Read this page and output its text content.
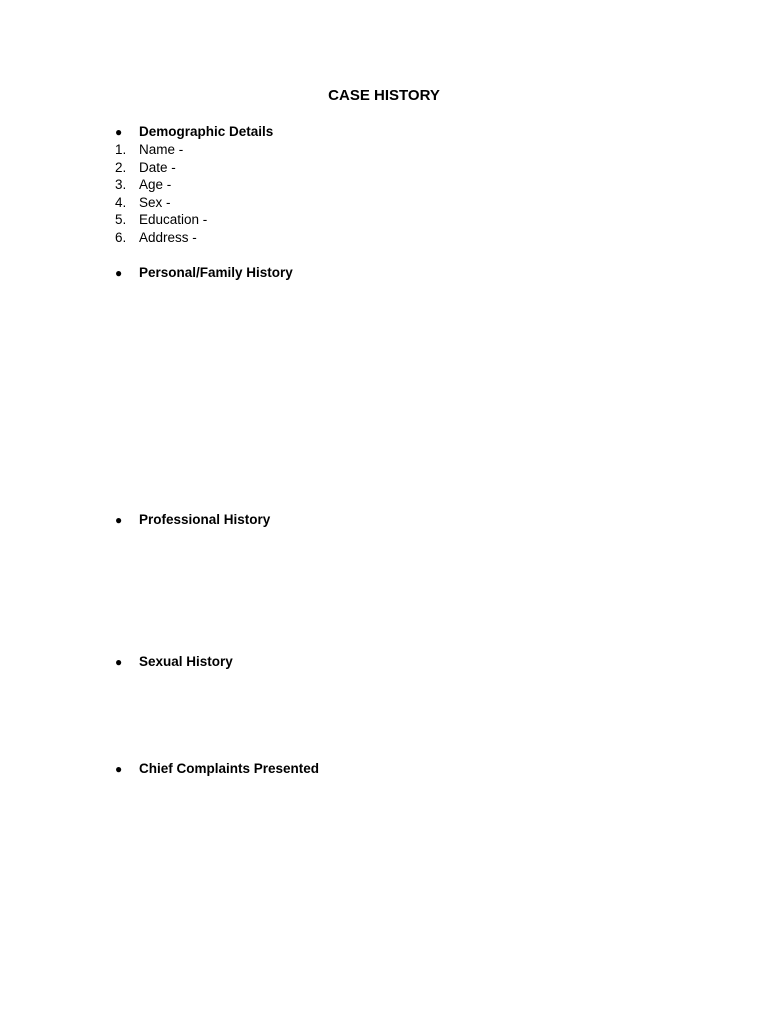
CASE HISTORY
● Demographic Details
1. Name -
2. Date -
3. Age -
4. Sex -
5. Education -
6. Address -
● Personal/Family History
● Professional History
● Sexual History
● Chief Complaints Presented
